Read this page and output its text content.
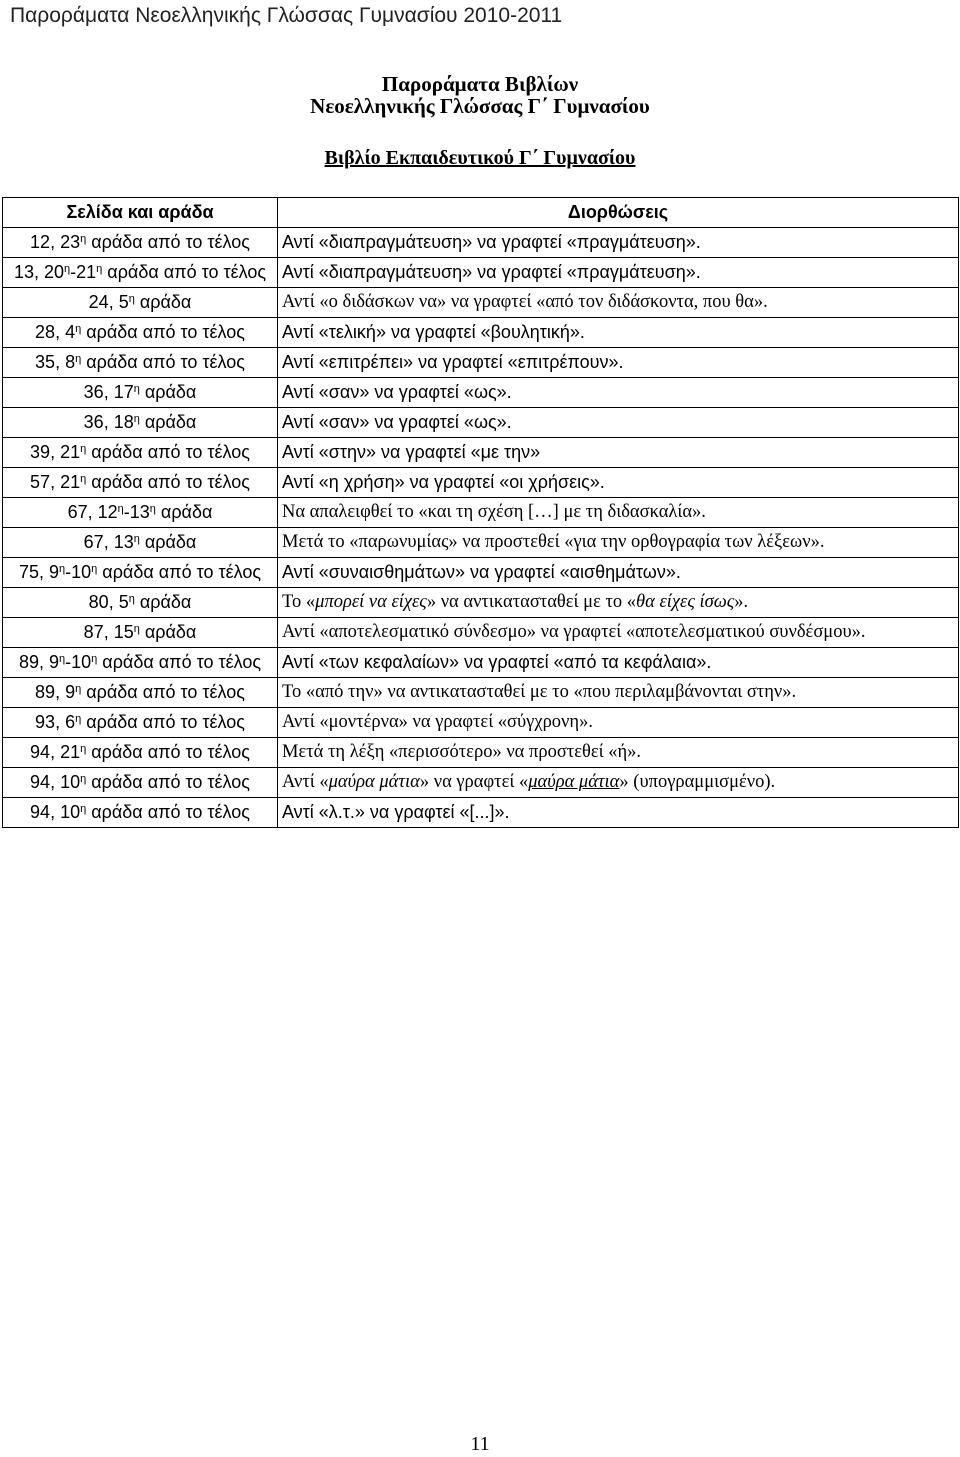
Παροράματα Νεοελληνικής Γλώσσας Γυμνασίου 2010-2011
Παροράματα Βιβλίων
Νεοελληνικής Γλώσσας Γ΄ Γυμνασίου
Βιβλίο Εκπαιδευτικού Γ΄ Γυμνασίου
Σελίδα και αράδα	Διορθώσεις
12, $23^\eta$ αράδα από το τέλος	Αντί «διαπραγμάτευση» να γραφτεί «πραγμάτευση».
13, $20^\eta-21^\eta$ αράδα από το τέλος	Αντί «διαπραγμάτευση» να γραφτεί «πραγμάτευση».
24, $5^\eta$ αράδα	Αντί «ο διδάσκων να» να γραφτεί «από τον διδάσκοντα, που θα».
28, $4^\eta$ αράδα από το τέλος	Αντί «τελική» να γραφτεί «βουλητική».
35, $8^\eta$ αράδα από το τέλος	Αντί «επιτρέπει» να γραφτεί «επιτρέπουν».
36, $17^\eta$ αράδα	Αντί «σαν» να γραφτεί «ως».
36, $18^\eta$ αράδα	Αντί «σαν» να γραφτεί «ως».
39, $21^\eta$ αράδα από το τέλος	Αντί «στην» να γραφτεί «με την»
57, $21^\eta$ αράδα από το τέλος	Αντί «η χρήση» να γραφτεί «οι χρήσεις».
67, $12^\eta-13^\eta$ αράδα	Να απαλειφθεί το «και τη σχέση […] με τη διδασκαλία».
67, $13^\eta$ αράδα	Μετά το «παρωνυμίας» να προστεθεί «για την ορθογραφία των λέξεων».
75, $9^\eta-10^\eta$ αράδα από το τέλος	Αντί «συναισθημάτων» να γραφτεί «αισθημάτων».
80, $5^\eta$ αράδα	Το «μπορεί να είχες» να αντικατασταθεί με το «θα είχες ίσως».
87, $15^\eta$ αράδα	Αντί «αποτελεσματικό σύνδεσμο» να γραφτεί «αποτελεσματικού συνδέσμου».
89, $9^\eta-10^\eta$ αράδα από το τέλος	Αντί «των κεφαλαίων» να γραφτεί «από τα κεφάλαια».
89, $9^\eta$ αράδα από το τέλος	Το «από την» να αντικατασταθεί με το «που περιλαμβάνονται στην».
93, $6^\eta$ αράδα από το τέλος	Αντί «μοντέρνα» να γραφτεί «σύγχρονη».
94, $21^\eta$ αράδα από το τέλος	Μετά τη λέξη «περισσότερο» να προστεθεί «ή».
94, $10^\eta$ αράδα από το τέλος	Αντί «μαύρα μάτια» να γραφτεί «μαύρα μάτια» (υπογραμμισμένο).
94, $10^\eta$ αράδα από το τέλος	Αντί «λ.τ.» να γραφτεί «[...]».
11
